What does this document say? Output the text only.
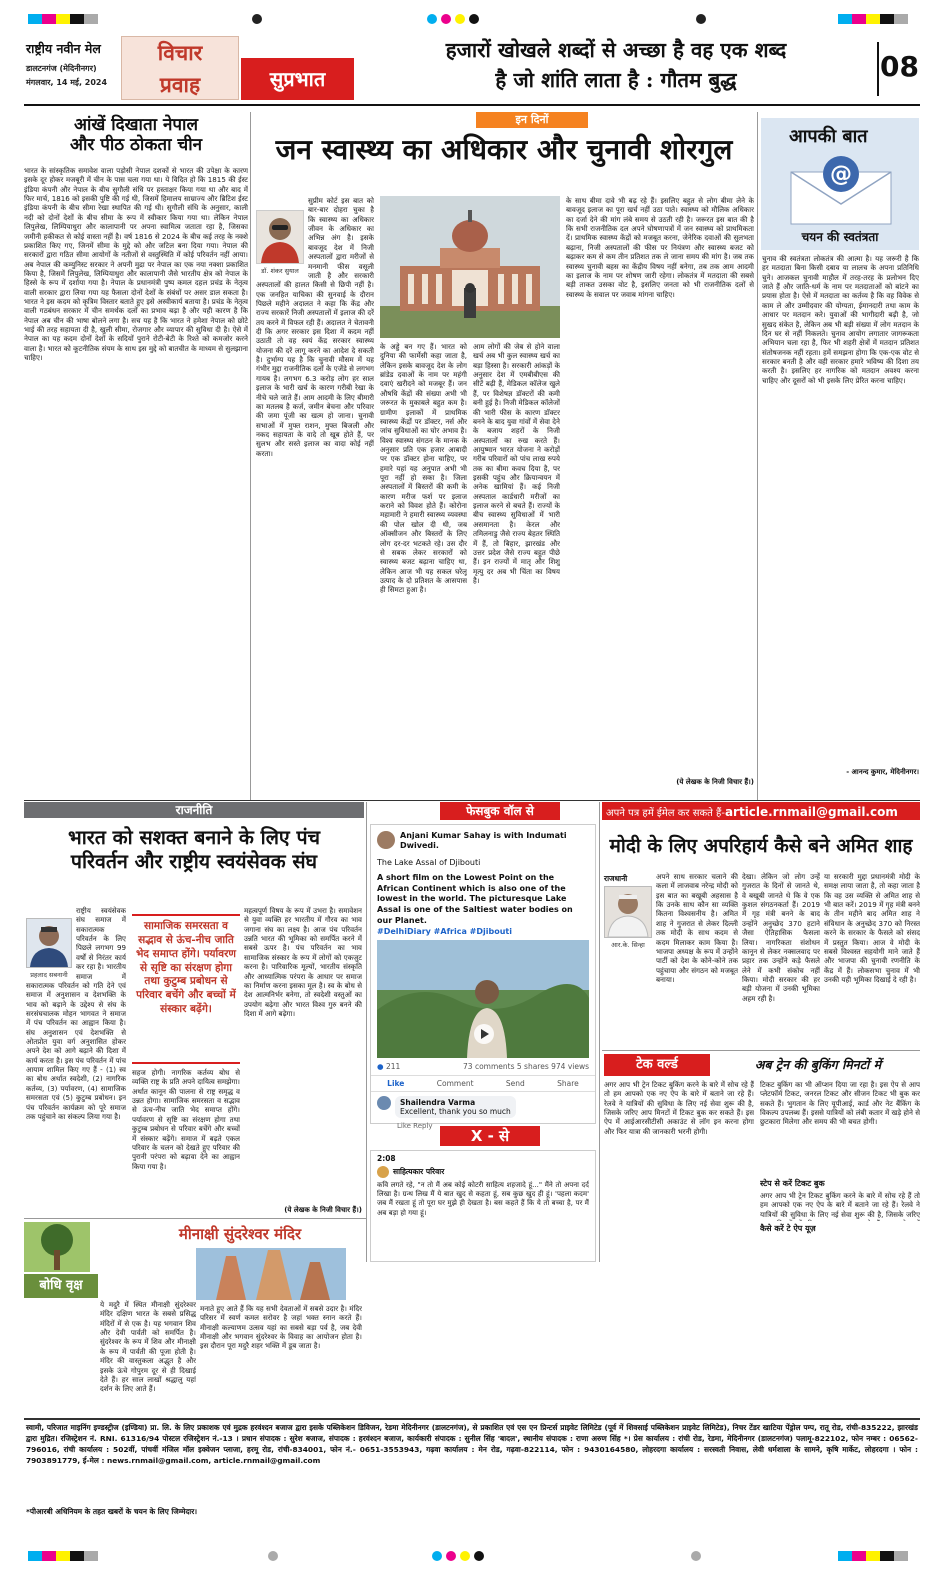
राष्ट्रीय नवीन मेल
डालटनगंज (मेदिनीनगर)
मंगलवार, 14 मई, 2024
विचार
प्रवाह	सुप्रभात
हजारों खोखले शब्दों से अच्छा है वह एक शब्द
है जो शांति लाता है : गौतम बुद्ध	08
आंखें दिखाता नेपाल
और पीठ ठोकता चीन
भारत के सांस्कृतिक समावेश वाला पड़ोसी नेपाल दशकों से भारत की उपेक्षा के कारण इसके दूर होकर मजबूरी में चीन के पास चला गया था। ये विदित हो कि 1815 की ईस्ट इंडिया कंपनी और नेपाल के बीच सुगौली संधि पर हस्ताक्षर किया गया था और बाद में फिर मार्च, 1816 को इसकी पुष्टि की गई थी, जिसमें हिमालय साम्राज्य और ब्रिटिश ईस्ट इंडिया कंपनी के बीच सीमा रेखा स्थापित की गई थी। सुगौली संधि के अनुसार, काली नदी को दोनों देशों के बीच सीमा के रूप में स्वीकार किया गया था। लेकिन नेपाल लिपुलेख, लिम्पियाधुरा और कालापानी पर अपना स्वामित्व जताता रहा है, जिसका जमीनी हकीकत से कोई वास्ता नहीं है। वर्ष 1816 से 2024 के बीच कई तरह के नक्शे प्रकाशित किए गए, जिनमें सीमा के मुद्दे को और जटिल बना दिया गया। नेपाल की सरकारों द्वारा गठित सीमा आयोगों के नतीजों से वस्तुस्थिति में कोई परिवर्तन नहीं आया। अब नेपाल की कम्युनिस्ट सरकार ने अपनी मुद्रा पर नेपाल का एक नया नक्शा प्रकाशित किया है, जिसमें लिपुलेख, लिम्पियाधुरा और कालापानी जैसे भारतीय क्षेत्र को नेपाल के हिस्से के रूप में दर्शाया गया है। नेपाल के प्रधानमंत्री पुष्प कमल दहल प्रचंड के नेतृत्व वाली सरकार द्वारा लिया गया यह फैसला दोनों देशों के संबंधों पर असर डाल सकता है। भारत ने इस कदम को कृत्रिम विस्तार बताते हुए इसे अस्वीकार्य बताया है। प्रचंड के नेतृत्व वाली गठबंधन सरकार में चीन समर्थक दलों का प्रभाव बढ़ा है और यही कारण है कि नेपाल अब चीन की भाषा बोलने लगा है। सच यह है कि भारत ने हमेशा नेपाल को छोटे भाई की तरह सहायता दी है, खुली सीमा, रोजगार और व्यापार की सुविधा दी है। ऐसे में नेपाल का यह कदम दोनों देशों के सदियों पुराने रोटी-बेटी के रिश्ते को कमजोर करने वाला है। भारत को कूटनीतिक संयम के साथ इस मुद्दे को बातचीत के माध्यम से सुलझाना चाहिए।
इन दिनों
जन स्वास्थ्य का अधिकार और चुनावी शोरगुल
डॉ. शंकर सुयाल
सुप्रीम कोर्ट इस बात को बार-बार दोहरा चुका है कि स्वास्थ्य का अधिकार जीवन के अधिकार का अभिन्न अंग है। इसके बावजूद देश में निजी अस्पतालों द्वारा मरीजों से मनमानी फीस वसूली जाती है और सरकारी अस्पतालों की हालत किसी से छिपी नहीं है। एक जनहित याचिका की सुनवाई के दौरान पिछले महीने अदालत ने कहा कि केंद्र और राज्य सरकारें निजी अस्पतालों में इलाज की दरें तय करने में विफल रही हैं। अदालत ने चेतावनी दी कि अगर सरकार इस दिशा में कदम नहीं उठाती तो वह स्वयं केंद्र सरकार स्वास्थ्य योजना की दरें लागू करने का आदेश दे सकती है। दुर्भाग्य यह है कि चुनावी मौसम में यह गंभीर मुद्दा राजनीतिक दलों के एजेंडे से लगभग गायब है। लगभग 6.3 करोड़ लोग हर साल इलाज के भारी खर्च के कारण गरीबी रेखा के नीचे चले जाते हैं। आम आदमी के लिए बीमारी का मतलब है कर्ज, जमीन बेचना और परिवार की जमा पूंजी का खत्म हो जाना। चुनावी सभाओं में मुफ्त राशन, मुफ्त बिजली और नकद सहायता के वादे तो खूब होते हैं, पर सुलभ और सस्ते इलाज का वादा कोई नहीं करता।
के अड्डे बन गए हैं। भारत को दुनिया की फार्मेसी कहा जाता है, लेकिन इसके बावजूद देश के लोग ब्रांडेड दवाओं के नाम पर महंगी दवाएं खरीदने को मजबूर हैं। जन औषधि केंद्रों की संख्या अभी भी जरूरत के मुकाबले बहुत कम है। ग्रामीण इलाकों में प्राथमिक स्वास्थ्य केंद्रों पर डॉक्टर, नर्स और जांच सुविधाओं का घोर अभाव है। विश्व स्वास्थ्य संगठन के मानक के अनुसार प्रति एक हजार आबादी पर एक डॉक्टर होना चाहिए, पर हमारे यहां यह अनुपात अभी भी पूरा नहीं हो सका है। जिला अस्पतालों में बिस्तरों की कमी के कारण मरीज फर्श पर इलाज कराने को विवश होते हैं। कोरोना महामारी ने हमारी स्वास्थ्य व्यवस्था की पोल खोल दी थी, जब ऑक्सीजन और बिस्तरों के लिए लोग दर-दर भटकते रहे। उस दौर से सबक लेकर सरकारों को स्वास्थ्य बजट बढ़ाना चाहिए था, लेकिन आज भी यह सकल घरेलू उत्पाद के दो प्रतिशत के आसपास ही सिमटा हुआ है।
आम लोगों की जेब से होने वाला खर्च अब भी कुल स्वास्थ्य खर्च का बड़ा हिस्सा है। सरकारी आंकड़ों के अनुसार देश में एमबीबीएस की सीटें बढ़ी हैं, मेडिकल कॉलेज खुले हैं, पर विशेषज्ञ डॉक्टरों की कमी बनी हुई है। निजी मेडिकल कॉलेजों की भारी फीस के कारण डॉक्टर बनने के बाद युवा गांवों में सेवा देने के बजाय शहरों के निजी अस्पतालों का रुख करते हैं। आयुष्मान भारत योजना ने करोड़ों गरीब परिवारों को पांच लाख रुपये तक का बीमा कवच दिया है, पर इसकी पहुंच और क्रियान्वयन में अनेक खामियां हैं। कई निजी अस्पताल कार्डधारी मरीजों का इलाज करने से बचते हैं। राज्यों के बीच स्वास्थ्य सुविधाओं में भारी असमानता है। केरल और तमिलनाडु जैसे राज्य बेहतर स्थिति में हैं, तो बिहार, झारखंड और उत्तर प्रदेश जैसे राज्य बहुत पीछे हैं। इन राज्यों में मातृ और शिशु मृत्यु दर अब भी चिंता का विषय है।
के साथ बीमा दावे भी बढ़ रहे हैं। इसलिए बहुत से लोग बीमा लेने के बावजूद इलाज का पूरा खर्च नहीं उठा पाते। स्वास्थ्य को मौलिक अधिकार का दर्जा देने की मांग लंबे समय से उठती रही है। जरूरत इस बात की है कि सभी राजनीतिक दल अपने घोषणापत्रों में जन स्वास्थ्य को प्राथमिकता दें। प्राथमिक स्वास्थ्य केंद्रों को मजबूत करना, जेनेरिक दवाओं की सुलभता बढ़ाना, निजी अस्पतालों की फीस पर नियंत्रण और स्वास्थ्य बजट को बढ़ाकर कम से कम तीन प्रतिशत तक ले जाना समय की मांग है। जब तक स्वास्थ्य चुनावी बहस का केंद्रीय विषय नहीं बनेगा, तब तक आम आदमी का इलाज के नाम पर शोषण जारी रहेगा। लोकतंत्र में मतदाता की सबसे बड़ी ताकत उसका वोट है, इसलिए जनता को भी राजनीतिक दलों से स्वास्थ्य के सवाल पर जवाब मांगना चाहिए।
(ये लेखक के निजी विचार हैं।)
आपकी बात
@
चयन की स्वतंत्रता
चुनाव की स्वतंत्रता लोकतंत्र की आत्मा है। यह जरूरी है कि हर मतदाता बिना किसी दबाव या लालच के अपना प्रतिनिधि चुने। आजकल चुनावी माहौल में तरह-तरह के प्रलोभन दिए जाते हैं और जाति-धर्म के नाम पर मतदाताओं को बांटने का प्रयास होता है। ऐसे में मतदाता का कर्तव्य है कि वह विवेक से काम ले और उम्मीदवार की योग्यता, ईमानदारी तथा काम के आधार पर मतदान करे। युवाओं की भागीदारी बढ़ी है, जो सुखद संकेत है, लेकिन अब भी बड़ी संख्या में लोग मतदान के दिन घर से नहीं निकलते। चुनाव आयोग लगातार जागरूकता अभियान चला रहा है, फिर भी शहरी क्षेत्रों में मतदान प्रतिशत संतोषजनक नहीं रहता। हमें समझना होगा कि एक-एक वोट से सरकार बनती है और वही सरकार हमारे भविष्य की दिशा तय करती है। इसलिए हर नागरिक को मतदान अवश्य करना चाहिए और दूसरों को भी इसके लिए प्रेरित करना चाहिए।
- आनन्द कुमार, मेदिनीनगर।
राजनीति
भारत को सशक्त बनाने के लिए पंच
परिवर्तन और राष्ट्रीय स्वयंसेवक संघ
प्रहलाद सबनानी
राष्ट्रीय स्वयंसेवक संघ समाज में सकारात्मक परिवर्तन के लिए पिछले लगभग 99 वर्षों से निरंतर कार्य कर रहा है। भारतीय समाज में सकारात्मक परिवर्तन को गति देने एवं समाज में अनुशासन व देशभक्ति के भाव को बढ़ाने के उद्देश्य से संघ के सरसंघचालक मोहन भागवत ने समाज में पंच परिवर्तन का आह्वान किया है। संघ अनुशासन एवं देशभक्ति से ओतप्रोत युवा वर्ग अनुशासित होकर अपने देश को आगे बढ़ाने की दिशा में कार्य करता है। इस पंच परिवर्तन में पांच आयाम शामिल किए गए हैं - (1) स्व का बोध अर्थात स्वदेशी, (2) नागरिक कर्तव्य, (3) पर्यावरण, (4) सामाजिक समरसता एवं (5) कुटुम्ब प्रबोधन। इन पंच परिवर्तन कार्यक्रम को पूरे समाज तक पहुंचाने का संकल्प लिया गया है।
सामाजिक समरसता व सद्भाव से ऊंच-नीच जाति भेद समाप्त होंगे। पर्यावरण से सृष्टि का संरक्षण होगा तथा कुटुम्ब प्रबोधन से परिवार बचेंगे और बच्चों में संस्कार बढ़ेंगे।
सहज होगी। नागरिक कर्तव्य बोध से व्यक्ति राष्ट्र के प्रति अपने दायित्व समझेगा। अर्थात कानून की पालना से राष्ट्र समृद्ध व उन्नत होगा। सामाजिक समरसता व सद्भाव से ऊंच-नीच जाति भेद समाप्त होंगे। पर्यावरण से सृष्टि का संरक्षण होगा तथा कुटुम्ब प्रबोधन से परिवार बचेंगे और बच्चों में संस्कार बढ़ेंगे। समाज में बढ़ते एकल परिवार के चलन को देखते हुए परिवार की पुरानी परंपरा को बढ़ावा देने का आह्वान किया गया है।
महत्वपूर्ण विषय के रूप में उभरा है। समावेशन से युवा व्यक्ति हर भारतीय में गौरव का भाव जगाना संघ का लक्ष्य है। आज पंच परिवर्तन उन्नति भारत की भूमिका को समर्पित करने में सबसे ऊपर है। पंच परिवर्तन का भाव सामाजिक संस्कार के रूप में लोगों को एकजुट करना है। पारिवारिक मूल्यों, भारतीय संस्कृति और आध्यात्मिक परंपरा के आधार पर समाज का निर्माण करना इसका मूल है। स्व के बोध से देश आत्मनिर्भर बनेगा, तो स्वदेशी वस्तुओं का उपयोग बढ़ेगा और भारत विश्व गुरु बनने की दिशा में आगे बढ़ेगा।
(ये लेखक के निजी विचार हैं।)
फेसबुक वॉल से
Anjani Kumar Sahay is with Indumati Dwivedi.
The Lake Assal of Djibouti
A short film on the Lowest Point on the African Continent which is also one of the lowest in the world. The picturesque Lake Assal is one of the Saltiest water bodies on our Planet.
#DelhiDiary #Africa #Djibouti
● 211	73 comments 5 shares 974 views
Like	Comment	Send	Share
Shailendra Varma
Excellent, thank you so much
Like Reply
X - से
2:08
साहित्यकार परिवार
कवि लगते रहे, "न तो मैं अब कोई कोटरी साहित्य शहजादे हूं..." मैंने तो अपना दर्द लिखा है। ग्रन्थ लिख मैं ये बात खुद से कहता हूं, सब कुछ खुद ही हूं। 'पहला कदम' जब मैं रखता हूं तो पूरा घर मुझे ही देखता है। बस कहते हैं कि ये तो बच्चा है, पर मैं अब बड़ा हो गया हूं।
अपने पत्र हमें ईमेल कर सकते हैं-article.rnmail@gmail.com
मोदी के लिए अपरिहार्य कैसे बने अमित शाह
राजधानी
आर.के. सिन्हा
अपने साथ सरकार चलाने की कला में लाजवाब नरेन्द्र मोदी को इस बात का बखूबी अहसास है कि उनके साथ कौन सा व्यक्ति कितना विश्वसनीय है। अमित शाह ने गुजरात से लेकर दिल्ली तक मोदी के साथ कदम से कदम मिलाकर काम किया है। भाजपा अध्यक्ष के रूप में उन्होंने पार्टी को देश के कोने-कोने तक पहुंचाया और संगठन को मजबूत बनाया।
देखा। लेकिन जो लोग उन्हें गुजरात के दिनों से जानते थे, वे बखूबी जानते थे कि वे एक कुशल संगठनकर्ता हैं। 2019 में गृह मंत्री बनने के बाद उन्होंने अनुच्छेद 370 हटाने जैसा ऐतिहासिक फैसला लिया। नागरिकता संशोधन कानून से लेकर नक्सलवाद पर प्रहार तक उन्होंने कड़े फैसले लेने में कभी संकोच नहीं किया। मोदी सरकार की हर बड़ी योजना में उनकी भूमिका अहम रही है।
या सरकारी मुद्दा प्रधानमंत्री मोदी के समक्ष लाया जाता है, तो कहा जाता है कि वह उस व्यक्ति से अमित शाह से भी बात करें। 2019 में गृह मंत्री बनने के तीन महीने बाद अमित शाह ने संविधान के अनुच्छेद 370 को निरस्त करने के सरकार के फैसले को संसद में प्रस्तुत किया। आज वे मोदी के सबसे विश्वस्त सहयोगी माने जाते हैं और भाजपा की चुनावी रणनीति के केंद्र में हैं। लोकसभा चुनाव में भी उनकी यही भूमिका दिखाई दे रही है।
टेक वर्ल्ड	अब ट्रेन की बुकिंग मिनटों में
अगर आप भी ट्रेन टिकट बुकिंग करने के बारे में सोच रहे हैं तो हम आपको एक नए ऐप के बारे में बताने जा रहे हैं। रेलवे ने यात्रियों की सुविधा के लिए नई सेवा शुरू की है, जिसके जरिए आप मिनटों में टिकट बुक कर सकते हैं। इस ऐप में आईआरसीटीसी अकाउंट से लॉग इन करना होगा और फिर यात्रा की जानकारी भरनी होगी।
टिकट बुकिंग का भी ऑप्शन दिया जा रहा है। इस ऐप से आप प्लेटफॉर्म टिकट, जनरल टिकट और सीजन टिकट भी बुक कर सकते हैं। भुगतान के लिए यूपीआई, कार्ड और नेट बैंकिंग के विकल्प उपलब्ध हैं। इससे यात्रियों को लंबी कतार में खड़े होने से छुटकारा मिलेगा और समय की भी बचत होगी।
स्टेप से करें टिकट बुक
अगर आप भी ट्रेन टिकट बुकिंग करने के बारे में सोच रहे हैं तो हम आपको एक नए ऐप के बारे में बताने जा रहे हैं। रेलवे ने यात्रियों की सुविधा के लिए नई सेवा शुरू की है, जिसके जरिए
कैसे करें टे ऐप यूज़
मीनाक्षी सुंदरेश्वर मंदिर
बोधि वृक्ष
ये मदुरै में स्थित मीनाक्षी सुंदरेश्वर मंदिर दक्षिण भारत के सबसे प्रसिद्ध मंदिरों में से एक है। यह भगवान शिव और देवी पार्वती को समर्पित है। सुंदरेश्वर के रूप में शिव और मीनाक्षी के रूप में पार्वती की पूजा होती है। मंदिर की वास्तुकला अद्भुत है और इसके ऊंचे गोपुरम दूर से ही दिखाई देते हैं। हर साल लाखों श्रद्धालु यहां दर्शन के लिए आते हैं।
मनाते हुए आते हैं कि यह सभी देवताओं में सबसे उदार है। मंदिर परिसर में स्वर्ण कमल सरोवर है जहां भक्त स्नान करते हैं। मीनाक्षी कल्याणम उत्सव यहां का सबसे बड़ा पर्व है, जब देवी मीनाक्षी और भगवान सुंदरेश्वर के विवाह का आयोजन होता है। इस दौरान पूरा मदुरै शहर भक्ति में डूब जाता है।
स्वामी, परिजात माइनिंग इण्डस्ट्रीज (इण्डिया) प्रा. लि. के लिए प्रकाशक एवं मुद्रक हरवंश्दन बजाज द्वारा इसके पब्लिकेशन डिविजन, रेडमा मेदिनीनगर (डालटनगंज), से प्रकाशित एवं एस एन प्रिन्टर्स प्राइवेट लिमिटेड (पूर्व में शिवसाई पब्लिकेशन प्राइवेट लिमिटेड), निचर टेंडर खाटिया पेंड्रोल पम्प, रातू रोड, रांची-835222, झारखंड द्वारा मुद्रित। रजिस्ट्रेशन नं. RNI. 61316/94 पोस्टल रजिस्ट्रेशन नं.-13 । प्रधान संपादक : सुरेश बजाज, संपादक : हरवंश्दन बजाज, कार्यकारी संपादक : सुनील सिंह 'बादल', स्थानीय संपादक : राणा अरुण सिंह *। प्रेस कार्यालय : रांची रोड, रेडमा, मेदिनीनगर (डालटनगंज) पलामू-822102, फोन नम्बर : 06562-796016, रांची कार्यालय : 502वीं, पांचवीं मंजिल मॉल इक्वेजन प्लाजा, हरमू रोड, रांची-834001, फोन नं.- 0651-3553943, गढ़वा कार्यालय : मेन रोड, गढ़वा-822114, फोन : 9430164580, लोहरदगा कार्यालय : सरस्वती निवास, लेवी धर्मशाला के सामने, कृषि मार्केट, लोहरदगा । फोन : 7903891779, ई-मेल : news.rnmail@gmail.com, article.rnmail@gmail.com
*पीआरबी अधिनियम के तहत खबरों के चयन के लिए जिम्मेदार।
